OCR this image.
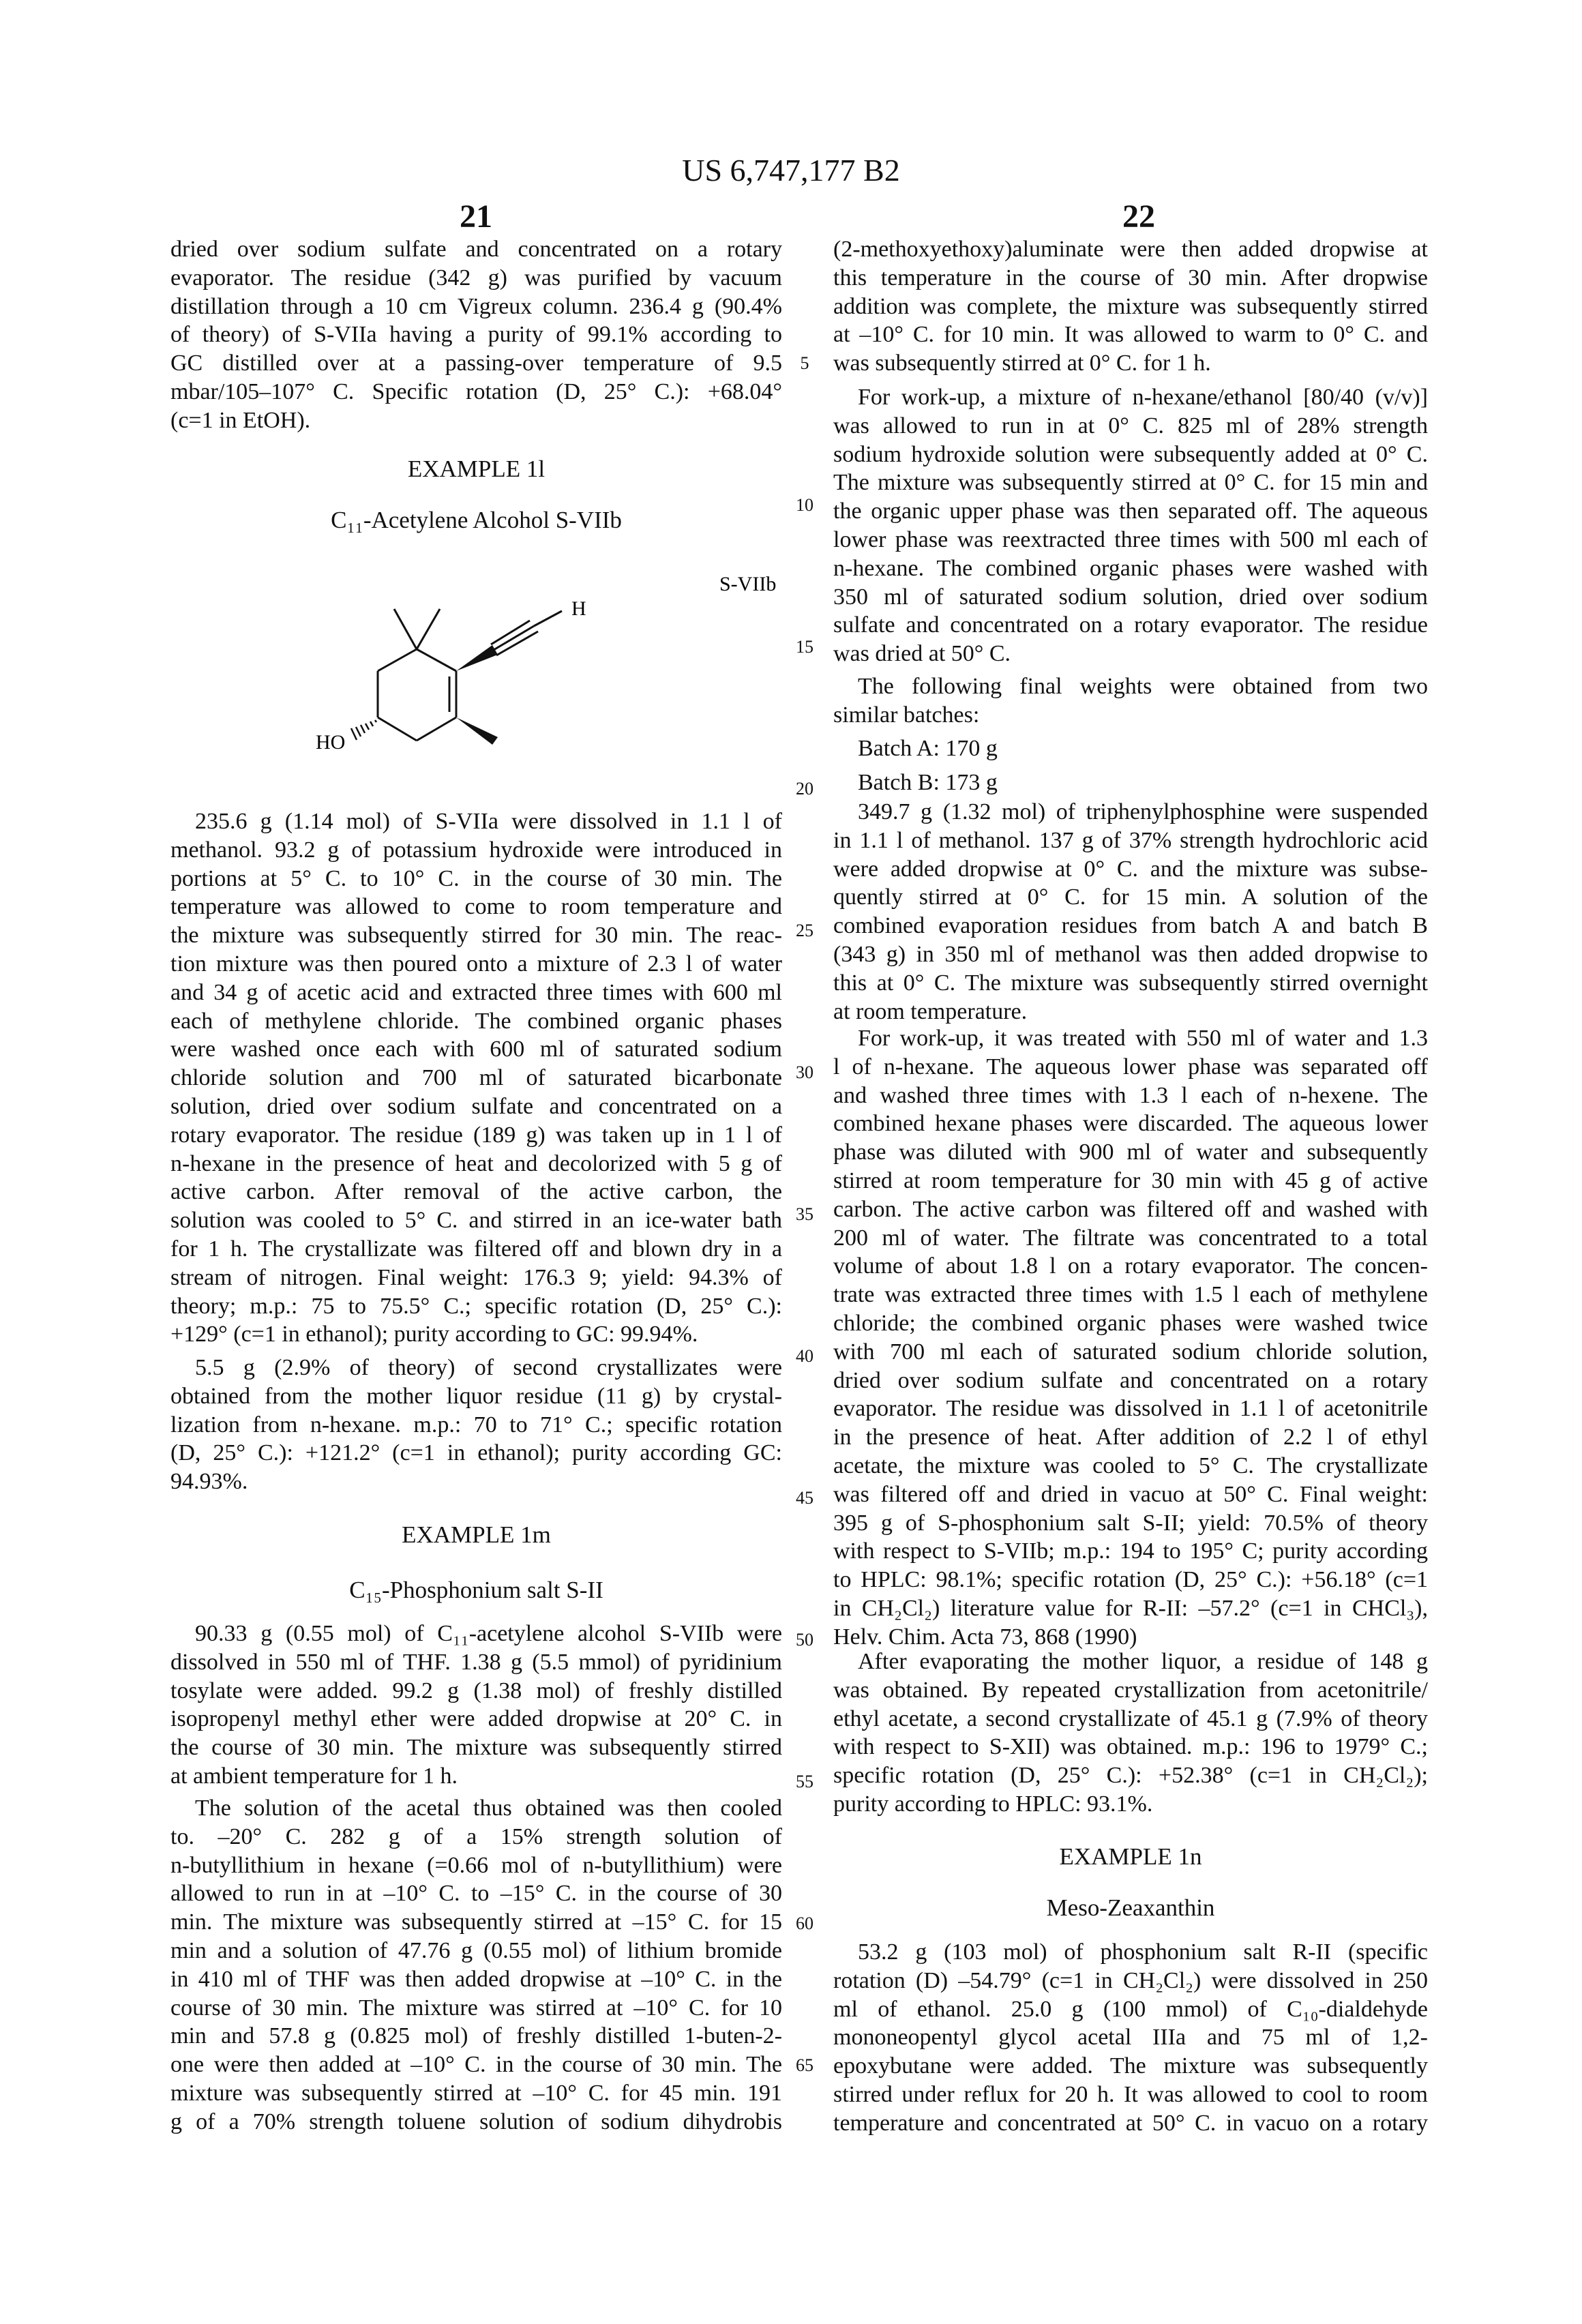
US 6,747,177 B2
21	22
dried over sodium sulfate and concentrated on a rotary
evaporator. The residue (342 g) was purified by vacuum
distillation through a 10 cm Vigreux column. 236.4 g (90.4%
of theory) of S-VIIa having a purity of 99.1% according to
GC distilled over at a passing-over temperature of 9.5
mbar/105–107° C. Specific rotation (D, 25° C.): +68.04°
(c=1 in EtOH).
EXAMPLE 1l
C₁₁-Acetylene Alcohol S-VIIb
235.6 g (1.14 mol) of S-VIIa were dissolved in 1.1 l of
methanol. 93.2 g of potassium hydroxide were introduced in
portions at 5° C. to 10° C. in the course of 30 min. The
temperature was allowed to come to room temperature and
the mixture was subsequently stirred for 30 min. The reac-
tion mixture was then poured onto a mixture of 2.3 l of water
and 34 g of acetic acid and extracted three times with 600 ml
each of methylene chloride. The combined organic phases
were washed once each with 600 ml of saturated sodium
chloride solution and 700 ml of saturated bicarbonate
solution, dried over sodium sulfate and concentrated on a
rotary evaporator. The residue (189 g) was taken up in 1 l of
n-hexane in the presence of heat and decolorized with 5 g of
active carbon. After removal of the active carbon, the
solution was cooled to 5° C. and stirred in an ice-water bath
for 1 h. The crystallizate was filtered off and blown dry in a
stream of nitrogen. Final weight: 176.3 9; yield: 94.3% of
theory; m.p.: 75 to 75.5° C.; specific rotation (D, 25° C.):
+129° (c=1 in ethanol); purity according to GC: 99.94%.
5.5 g (2.9% of theory) of second crystallizates were
obtained from the mother liquor residue (11 g) by crystal-
lization from n-hexane. m.p.: 70 to 71° C.; specific rotation
(D, 25° C.): +121.2° (c=1 in ethanol); purity according GC:
94.93%.
EXAMPLE 1m
C₁₅-Phosphonium salt S-II
90.33 g (0.55 mol) of C₁₁-acetylene alcohol S-VIIb were
dissolved in 550 ml of THF. 1.38 g (5.5 mmol) of pyridinium
tosylate were added. 99.2 g (1.38 mol) of freshly distilled
isopropenyl methyl ether were added dropwise at 20° C. in
the course of 30 min. The mixture was subsequently stirred
at ambient temperature for 1 h.
The solution of the acetal thus obtained was then cooled
to. –20° C. 282 g of a 15% strength solution of
n-butyllithium in hexane (=0.66 mol of n-butyllithium) were
allowed to run in at –10° C. to –15° C. in the course of 30
min. The mixture was subsequently stirred at –15° C. for 15
min and a solution of 47.76 g (0.55 mol) of lithium bromide
in 410 ml of THF was then added dropwise at –10° C. in the
course of 30 min. The mixture was stirred at –10° C. for 10
min and 57.8 g (0.825 mol) of freshly distilled 1-buten-2-
one were then added at –10° C. in the course of 30 min. The
mixture was subsequently stirred at –10° C. for 45 min. 191
g of a 70% strength toluene solution of sodium dihydrobis
(2-methoxyethoxy)aluminate were then added dropwise at
this temperature in the course of 30 min. After dropwise
addition was complete, the mixture was subsequently stirred
at –10° C. for 10 min. It was allowed to warm to 0° C. and
was subsequently stirred at 0° C. for 1 h.
For work-up, a mixture of n-hexane/ethanol [80/40 (v/v)]
was allowed to run in at 0° C. 825 ml of 28% strength
sodium hydroxide solution were subsequently added at 0° C.
The mixture was subsequently stirred at 0° C. for 15 min and
the organic upper phase was then separated off. The aqueous
lower phase was reextracted three times with 500 ml each of
n-hexane. The combined organic phases were washed with
350 ml of saturated sodium solution, dried over sodium
sulfate and concentrated on a rotary evaporator. The residue
was dried at 50° C.
The following final weights were obtained from two
similar batches:
Batch A: 170 g
Batch B: 173 g
349.7 g (1.32 mol) of triphenylphosphine were suspended
in 1.1 l of methanol. 137 g of 37% strength hydrochloric acid
were added dropwise at 0° C. and the mixture was subse-
quently stirred at 0° C. for 15 min. A solution of the
combined evaporation residues from batch A and batch B
(343 g) in 350 ml of methanol was then added dropwise to
this at 0° C. The mixture was subsequently stirred overnight
at room temperature.
For work-up, it was treated with 550 ml of water and 1.3
l of n-hexane. The aqueous lower phase was separated off
and washed three times with 1.3 l each of n-hexene. The
combined hexane phases were discarded. The aqueous lower
phase was diluted with 900 ml of water and subsequently
stirred at room temperature for 30 min with 45 g of active
carbon. The active carbon was filtered off and washed with
200 ml of water. The filtrate was concentrated to a total
volume of about 1.8 l on a rotary evaporator. The concen-
trate was extracted three times with 1.5 l each of methylene
chloride; the combined organic phases were washed twice
with 700 ml each of saturated sodium chloride solution,
dried over sodium sulfate and concentrated on a rotary
evaporator. The residue was dissolved in 1.1 l of acetonitrile
in the presence of heat. After addition of 2.2 l of ethyl
acetate, the mixture was cooled to 5° C. The crystallizate
was filtered off and dried in vacuo at 50° C. Final weight:
395 g of S-phosphonium salt S-II; yield: 70.5% of theory
with respect to S-VIIb; m.p.: 194 to 195° C; purity according
to HPLC: 98.1%; specific rotation (D, 25° C.): +56.18° (c=1
in CH₂Cl₂) literature value for R-II: –57.2° (c=1 in CHCl₃),
Helv. Chim. Acta 73, 868 (1990)
After evaporating the mother liquor, a residue of 148 g
was obtained. By repeated crystallization from acetonitrile/
ethyl acetate, a second crystallizate of 45.1 g (7.9% of theory
with respect to S-XII) was obtained. m.p.: 196 to 1979° C.;
specific rotation (D, 25° C.): +52.38° (c=1 in CH₂Cl₂);
purity according to HPLC: 93.1%.
EXAMPLE 1n
Meso-Zeaxanthin
53.2 g (103 mol) of phosphonium salt R-II (specific
rotation (D) –54.79° (c=1 in CH₂Cl₂) were dissolved in 250
ml of ethanol. 25.0 g (100 mmol) of C₁₀-dialdehyde
mononeopentyl glycol acetal IIIa and 75 ml of 1,2-
epoxybutane were added. The mixture was subsequently
stirred under reflux for 20 h. It was allowed to cool to room
temperature and concentrated at 50° C. in vacuo on a rotary
5
10
15
20
25
30
35
40
45
50
55
60
65
H
HO
S-VIIb
